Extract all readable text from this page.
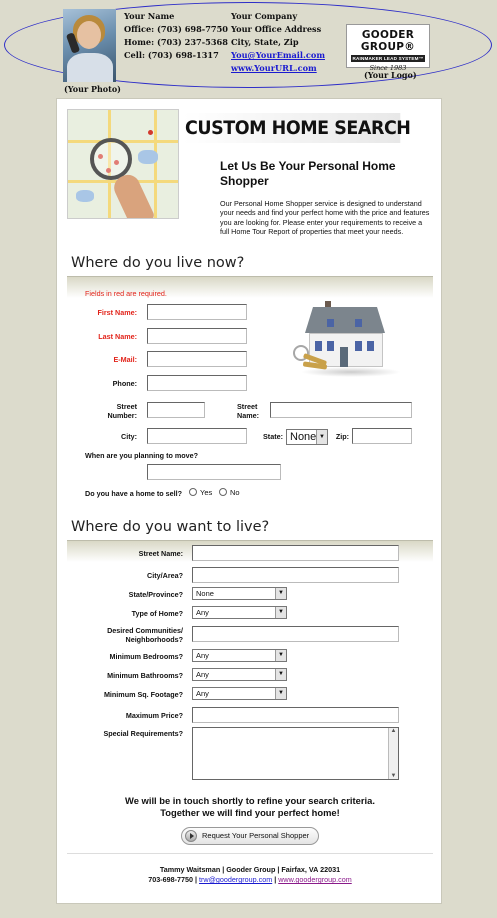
(Your Photo)
Your Name
Office: (703) 698-7750
Home: (703) 237-5368
Cell: (703) 698-1317
Your Company
Your Office Address
City, State, Zip
You@YourEmail.com
www.YourURL.com
GOODER GROUP®
RAINMAKER LEAD SYSTEM™
Since 1983
(Your Logo)
CUSTOM HOME SEARCH
Let Us Be Your Personal Home Shopper
Our Personal Home Shopper service is designed to understand your needs and find your perfect home with the price and features you are looking for. Please enter your requirements to receive a full Home Tour Report of properties that meet your needs.
Where do you live now?
Fields in red are required.
First Name:
Last Name:
E-Mail:
Phone:
Street Number:
Street Name:
City:	State: None ▼	Zip:
When are you planning to move?
Do you have a home to sell?	Yes No
Where do you want to live?
Street Name:
City/Area?
State/Province?	None	▼
Type of Home?	Any	▼
Desired Communities/ Neighborhoods?
Minimum Bedrooms?	Any	▼
Minimum Bathrooms?	Any	▼
Minimum Sq. Footage?	Any	▼
Maximum Price?
Special Requirements?	▲
▼
We will be in touch shortly to refine your search criteria.
Together we will find your perfect home!
Request Your Personal Shopper
Tammy Waitsman | Gooder Group | Fairfax, VA 22031
703-698-7750 | trw@goodergroup.com | www.goodergroup.com
